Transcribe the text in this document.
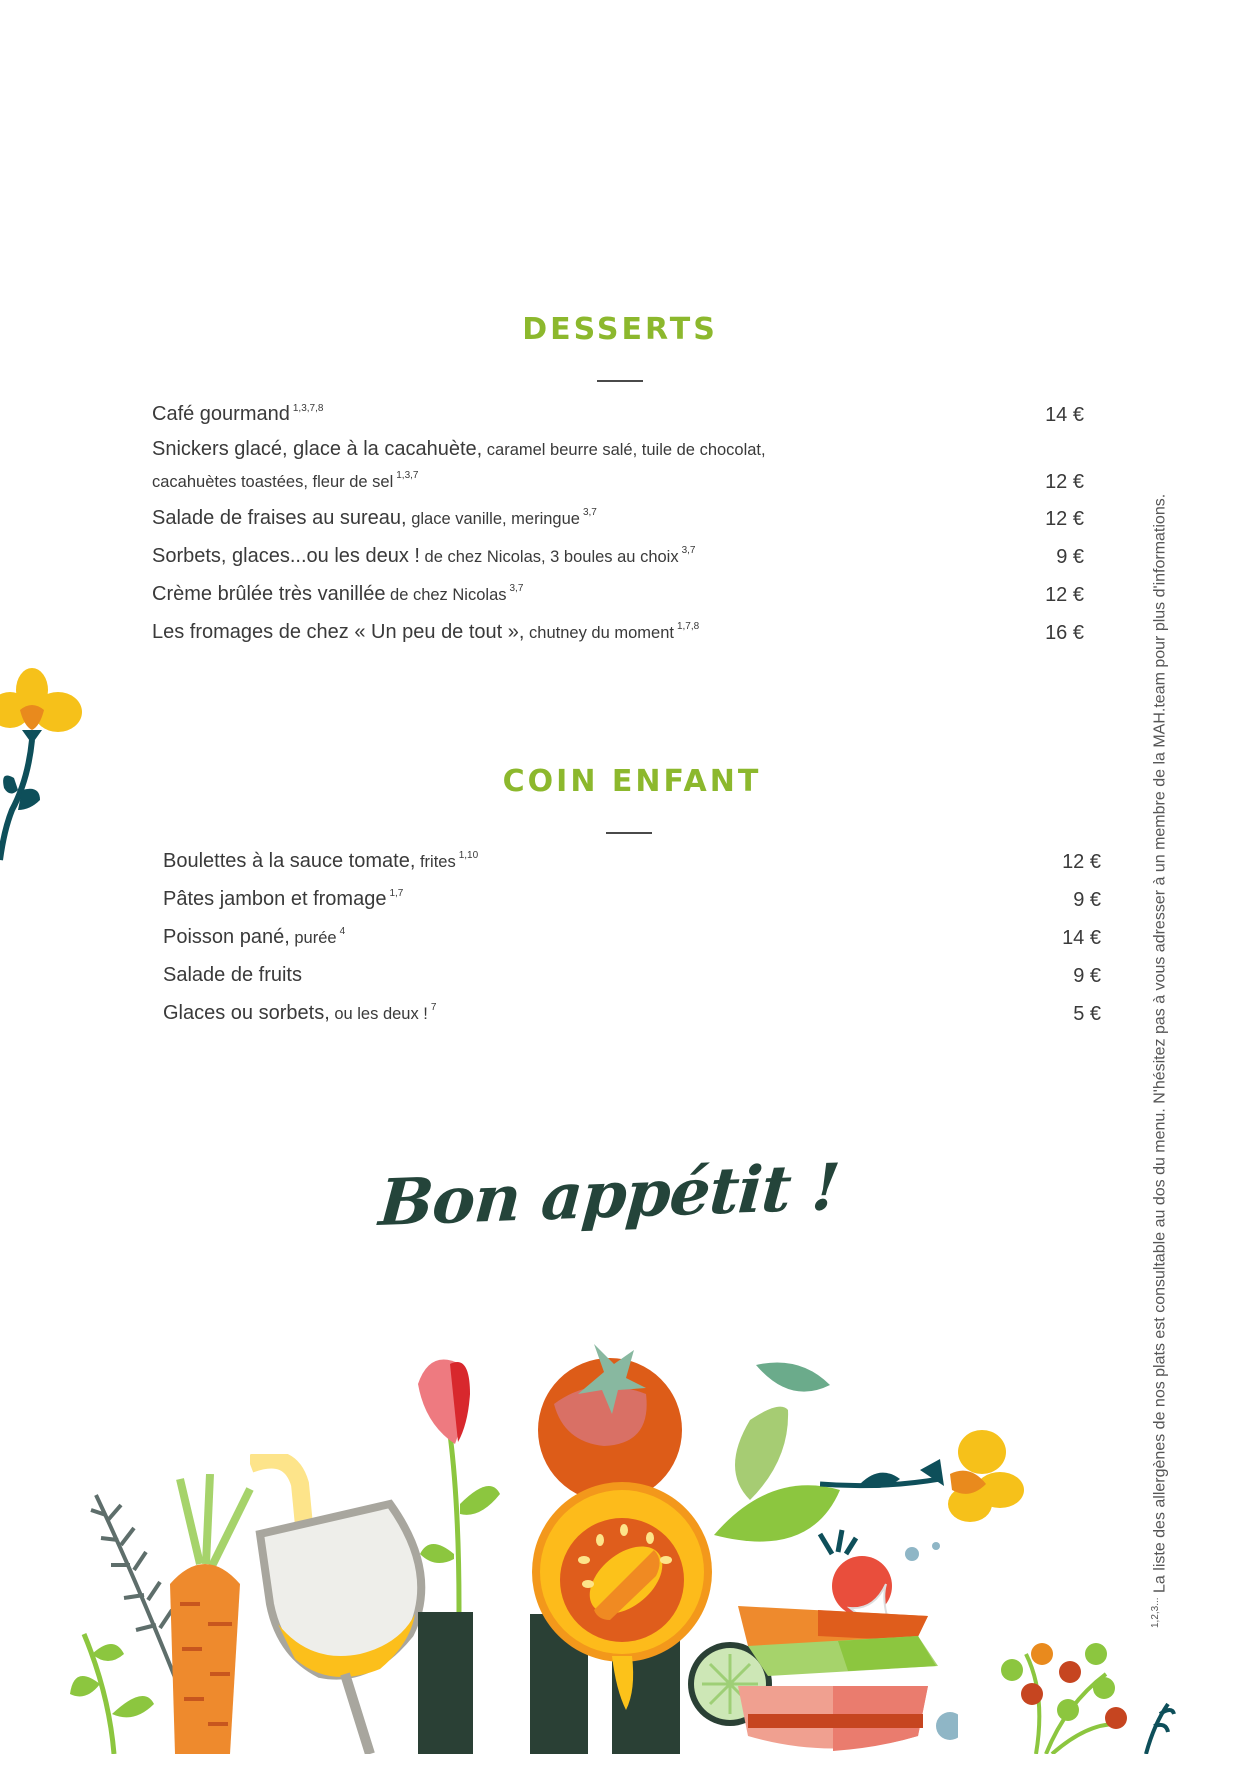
DESSERTS
Café gourmand $^{1,3,7,8}$	14 €
Snickers glacé, glace à la cacahuète, caramel beurre salé, tuile de chocolat,
cacahuètes toastées, fleur de sel $^{1,3,7}$	12 €
Salade de fraises au sureau, glace vanille, meringue $^{3,7}$	12 €
Sorbets, glaces...ou les deux ! de chez Nicolas, 3 boules au choix $^{3,7}$	9 €
Crème brûlée très vanillée de chez Nicolas $^{3,7}$	12 €
Les fromages de chez « Un peu de tout », chutney du moment $^{1,7,8}$	16 €
COIN ENFANT
Boulettes à la sauce tomate, frites $^{1,10}$	12 €
Pâtes jambon et fromage $^{1,7}$	9 €
Poisson pané, purée $^4$	14 €
Salade de fruits	9 €
Glaces ou sorbets, ou les deux ! $^7$	5 €
Bon appétit !
$^{1,2,3...}$ La liste des allergènes de nos plats est consultable au dos du menu. N'hésitez pas à vous adresser à un membre de la MAH.team pour plus d'informations.
